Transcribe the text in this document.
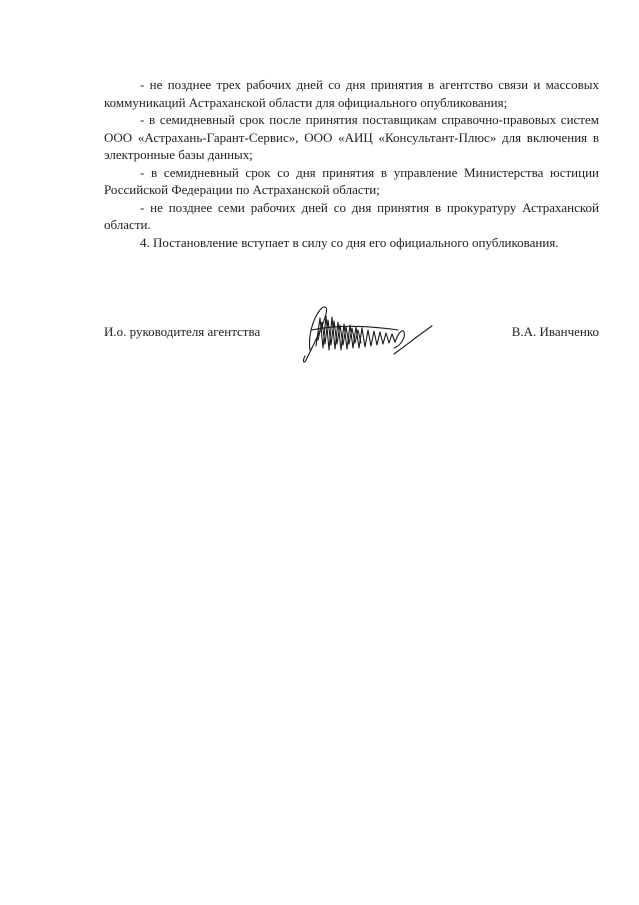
- не позднее трех рабочих дней со дня принятия в агентство связи и массовых коммуникаций Астраханской области для официального опубликования;

- в семидневный срок после принятия поставщикам справочно-правовых систем ООО «Астрахань-Гарант-Сервис», ООО «АИЦ «Консультант-Плюс» для включения в электронные базы данных;

- в семидневный срок со дня принятия в управление Министерства юстиции Российской Федерации по Астраханской области;

- не позднее семи рабочих дней со дня принятия в прокуратуру Астраханской области.

4. Постановление вступает в силу со дня его официального опубликования.

И.о. руководителя агентства	В.А. Иванченко
